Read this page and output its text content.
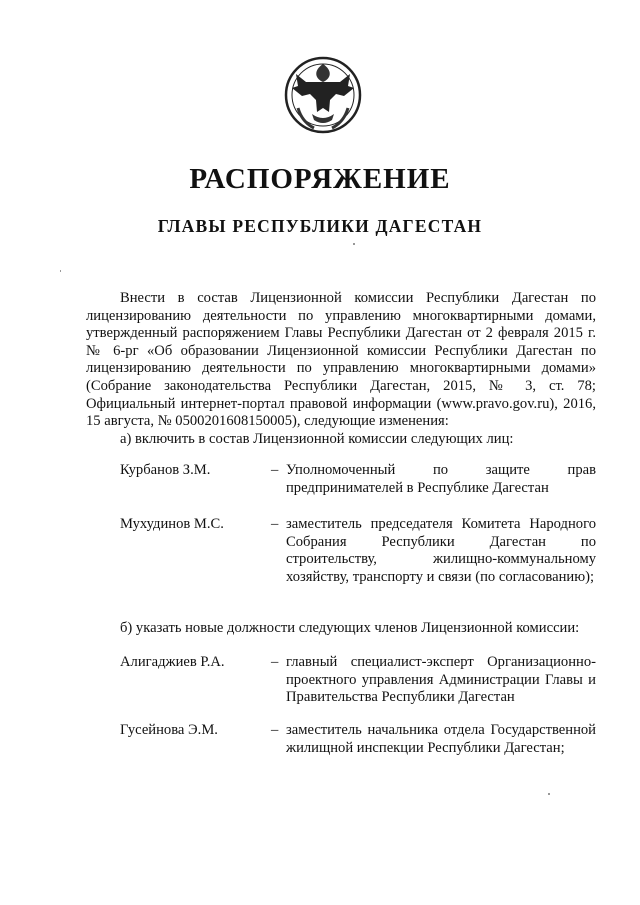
РАСПОРЯЖЕНИЕ
ГЛАВЫ РЕСПУБЛИКИ ДАГЕСТАН

Внести в состав Лицензионной комиссии Республики Дагестан по лицензированию деятельности по управлению многоквартирными домами, утвержденный распоряжением Главы Республики Дагестан от 2 февраля 2015 г. № 6-рг «Об образовании Лицензионной комиссии Республики Дагестан по лицензированию деятельности по управлению многоквартирными домами» (Собрание законодательства Республики Дагестан, 2015, № 3, ст. 78; Официальный интернет-портал правовой информации (www.pravo.gov.ru), 2016, 15 августа, № 0500201608150005), следующие изменения:

а) включить в состав Лицензионной комиссии следующих лиц:

Курбанов З.М.	– Уполномоченный по защите прав предпринимателей в Республике Дагестан
Мухудинов М.С.	– заместитель председателя Комитета Народного Собрания Республики Дагестан по строительству, жилищно-коммунальному хозяйству, транспорту и связи (по согласованию);

б) указать новые должности следующих членов Лицензионной комиссии:

Алигаджиев Р.А.	– главный специалист-эксперт Организационно-проектного управления Администрации Главы и Правительства Республики Дагестан
Гусейнова Э.М.	– заместитель начальника отдела Государственной жилищной инспекции Республики Дагестан;
